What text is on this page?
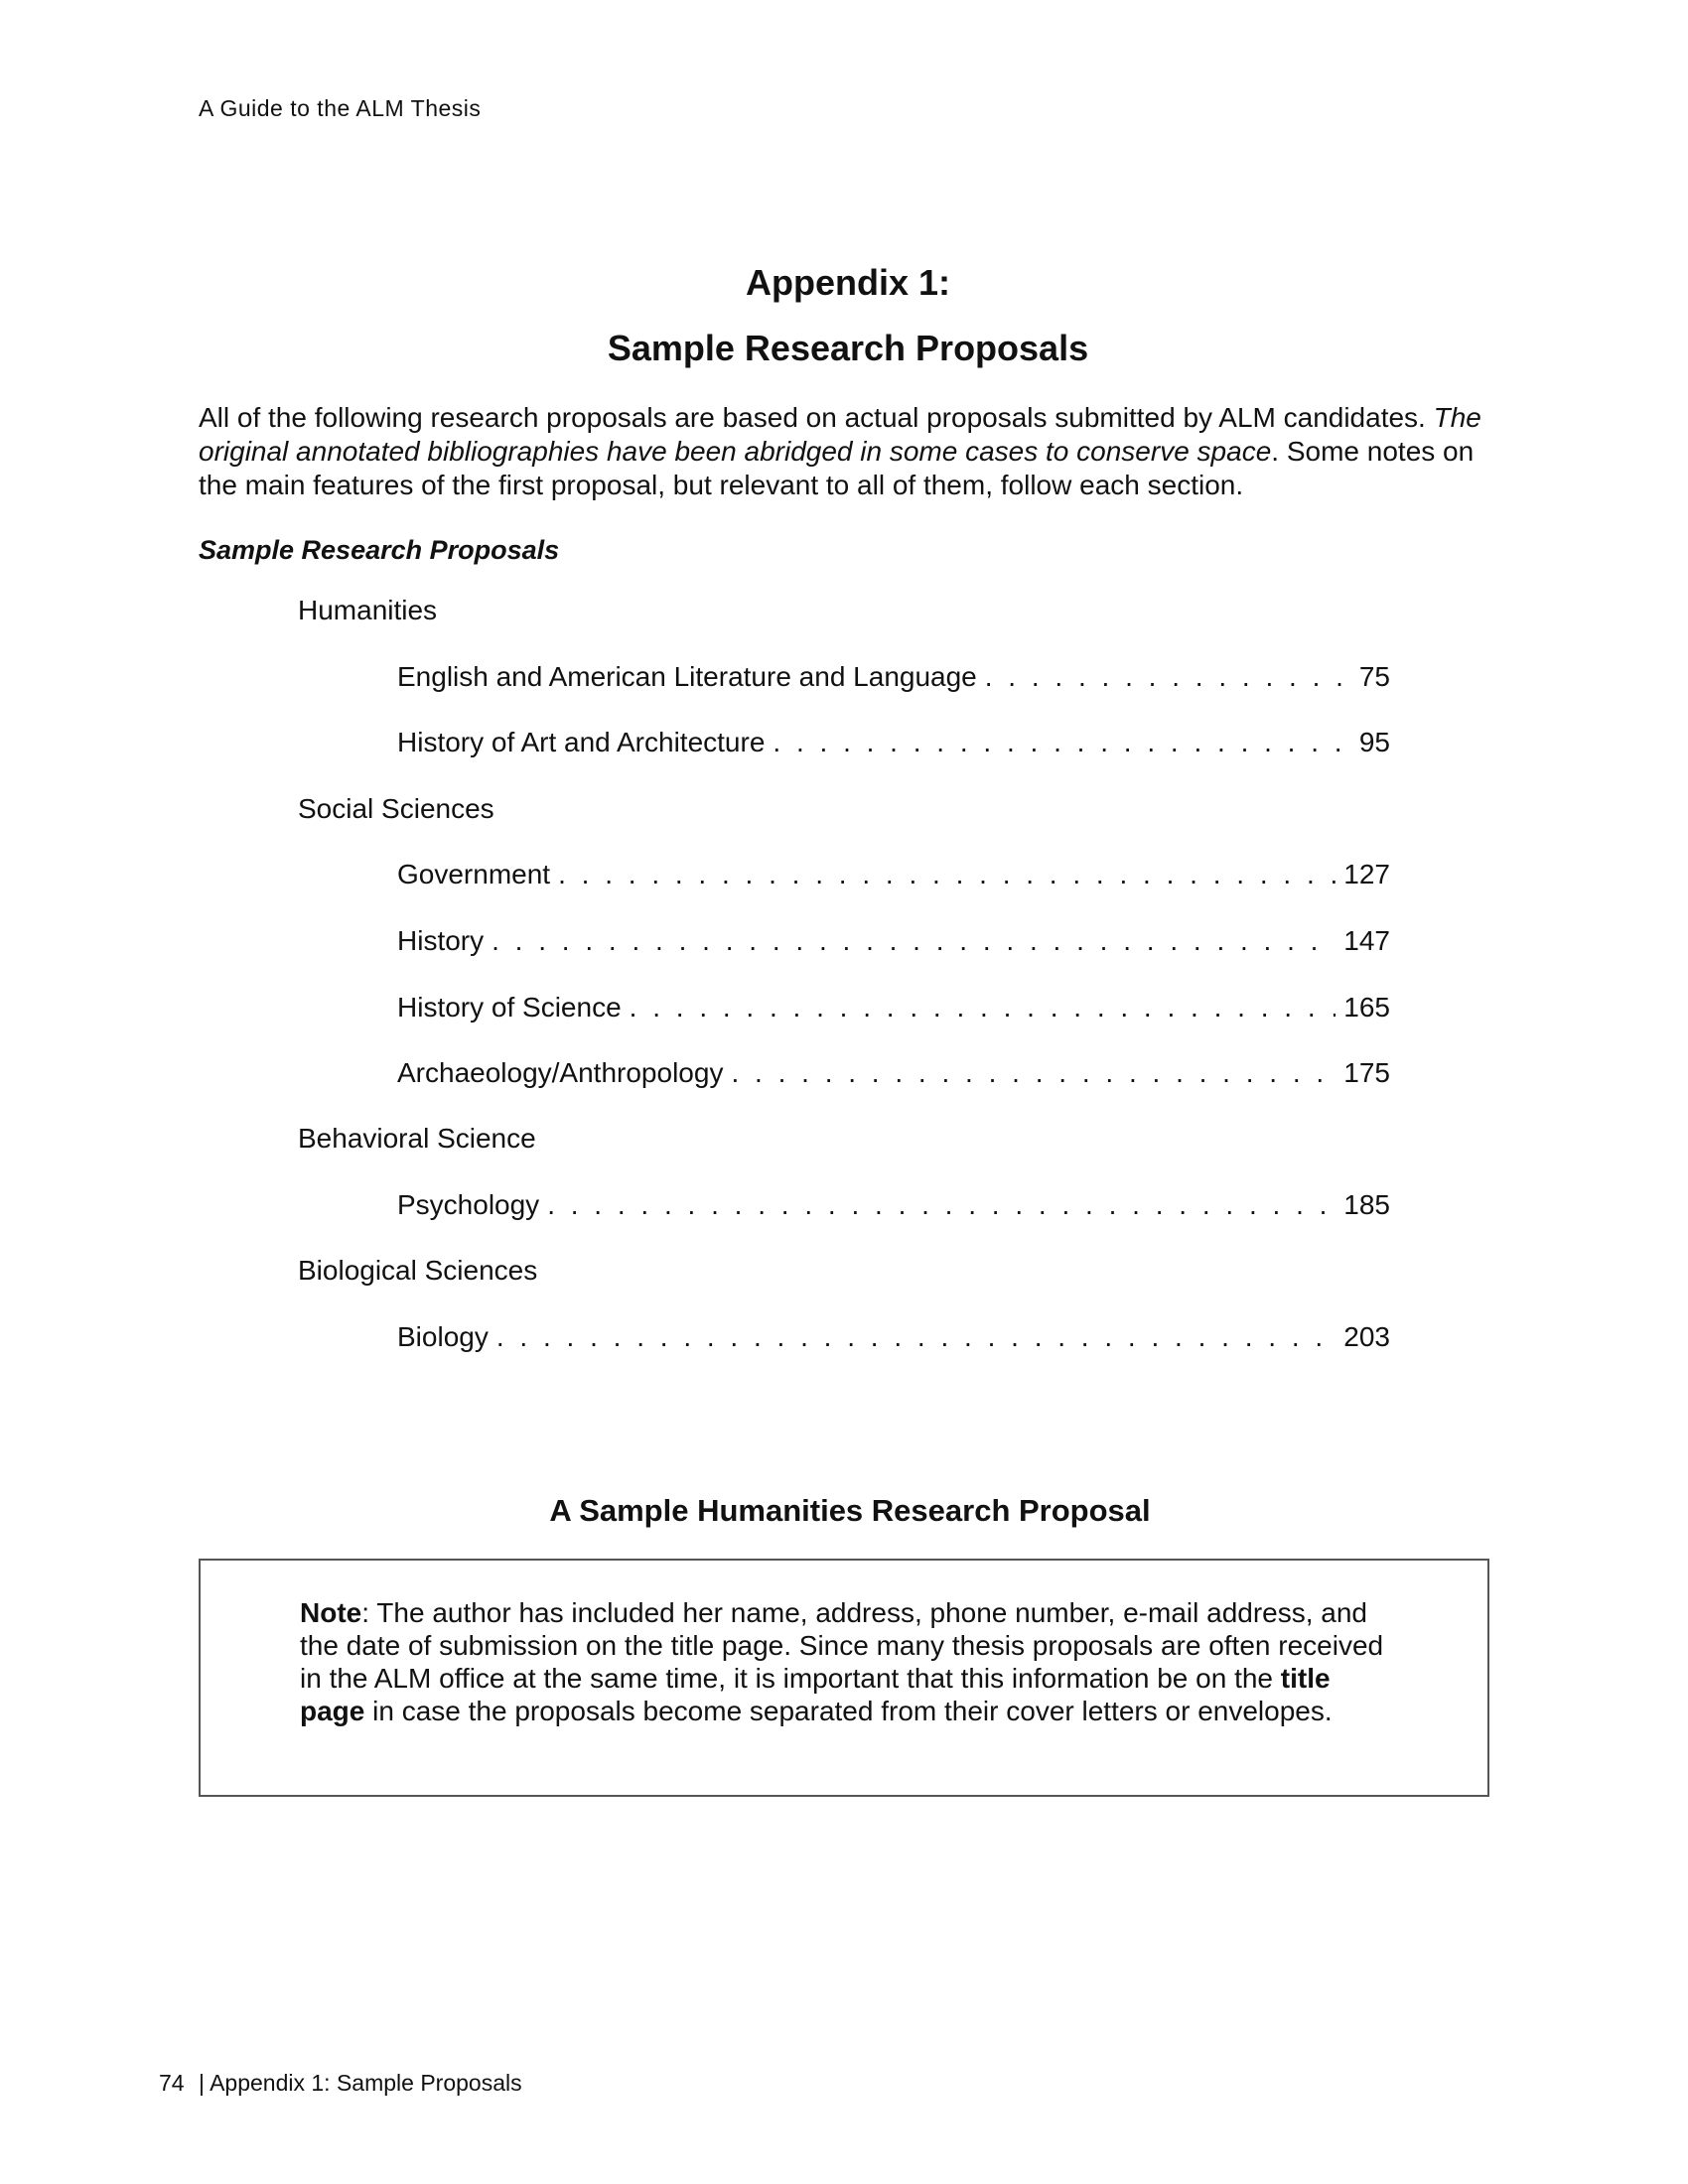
A Guide to the ALM Thesis
Appendix 1:
Sample Research Proposals

All of the following research proposals are based on actual proposals submitted by ALM candidates. The original annotated bibliographies have been abridged in some cases to conserve space. Some notes on the main features of the first proposal, but relevant to all of them, follow each section.

Sample Research Proposals
Humanities
English and American Literature and Language . . .	75
History of Art and Architecture . . .	95
Social Sciences
Government . . .	127
History . . .	147
History of Science . . .	165
Archaeology/Anthropology . . .	175
Behavioral Science
Psychology . . .	185
Biological Sciences
Biology . . .	203
A Sample Humanities Research Proposal

Note: The author has included her name, address, phone number, e-mail address, and the date of submission on the title page. Since many thesis proposals are often received in the ALM office at the same time, it is important that this information be on the title page in case the proposals become separated from their cover letters or envelopes.

74 | Appendix 1: Sample Proposals
